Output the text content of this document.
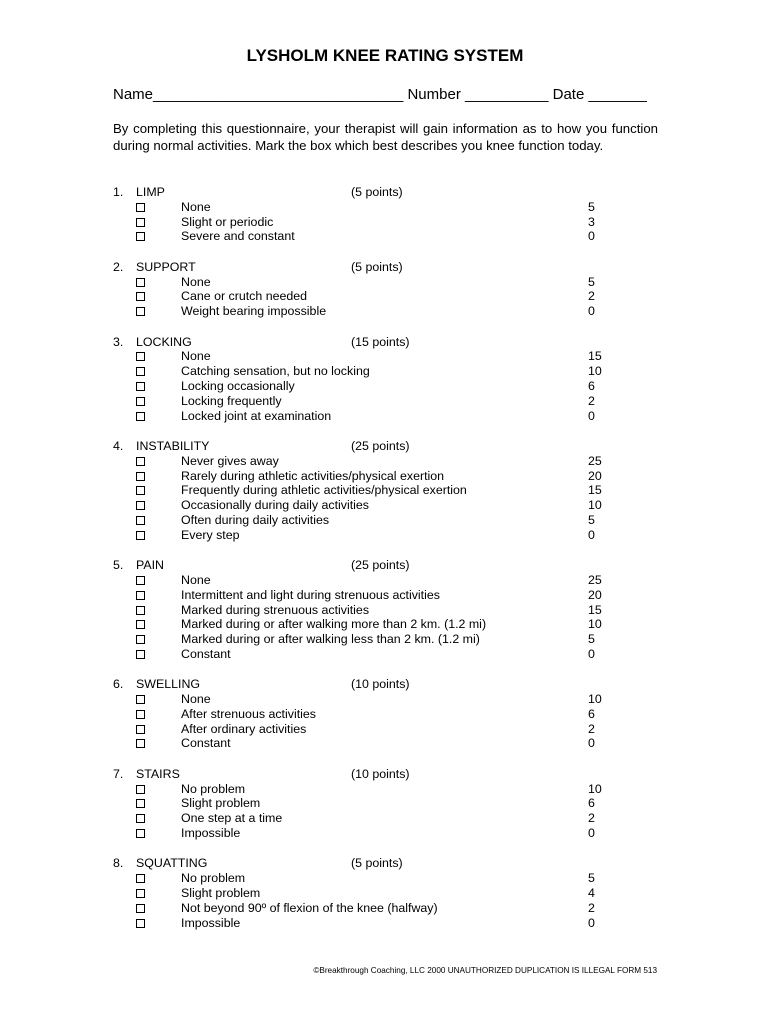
LYSHOLM KNEE RATING SYSTEM
Name______________________________ Number __________ Date _______
By completing this questionnaire, your therapist will gain information as to how you function during normal activities. Mark the box which best describes you knee function today.
1. LIMP	(5 points)
None	5
Slight or periodic	3
Severe and constant	0
2. SUPPORT	(5 points)
None	5
Cane or crutch needed	2
Weight bearing impossible	0
3. LOCKING	(15 points)
None	15
Catching sensation, but no locking	10
Locking occasionally	6
Locking frequently	2
Locked joint at examination	0
4. INSTABILITY	(25 points)
Never gives away	25
Rarely during athletic activities/physical exertion	20
Frequently during athletic activities/physical exertion	15
Occasionally during daily activities	10
Often during daily activities	5
Every step	0
5. PAIN	(25 points)
None	25
Intermittent and light during strenuous activities	20
Marked during strenuous activities	15
Marked during or after walking more than 2 km. (1.2 mi)	10
Marked during or after walking less than 2 km. (1.2 mi)	5
Constant	0
6. SWELLING	(10 points)
None	10
After strenuous activities	6
After ordinary activities	2
Constant	0
7. STAIRS	(10 points)
No problem	10
Slight problem	6
One step at a time	2
Impossible	0
8. SQUATTING	(5 points)
No problem	5
Slight problem	4
Not beyond 90º of flexion of the knee (halfway)	2
Impossible	0
©Breakthrough Coaching, LLC 2000 UNAUTHORIZED DUPLICATION IS ILLEGAL FORM 513
